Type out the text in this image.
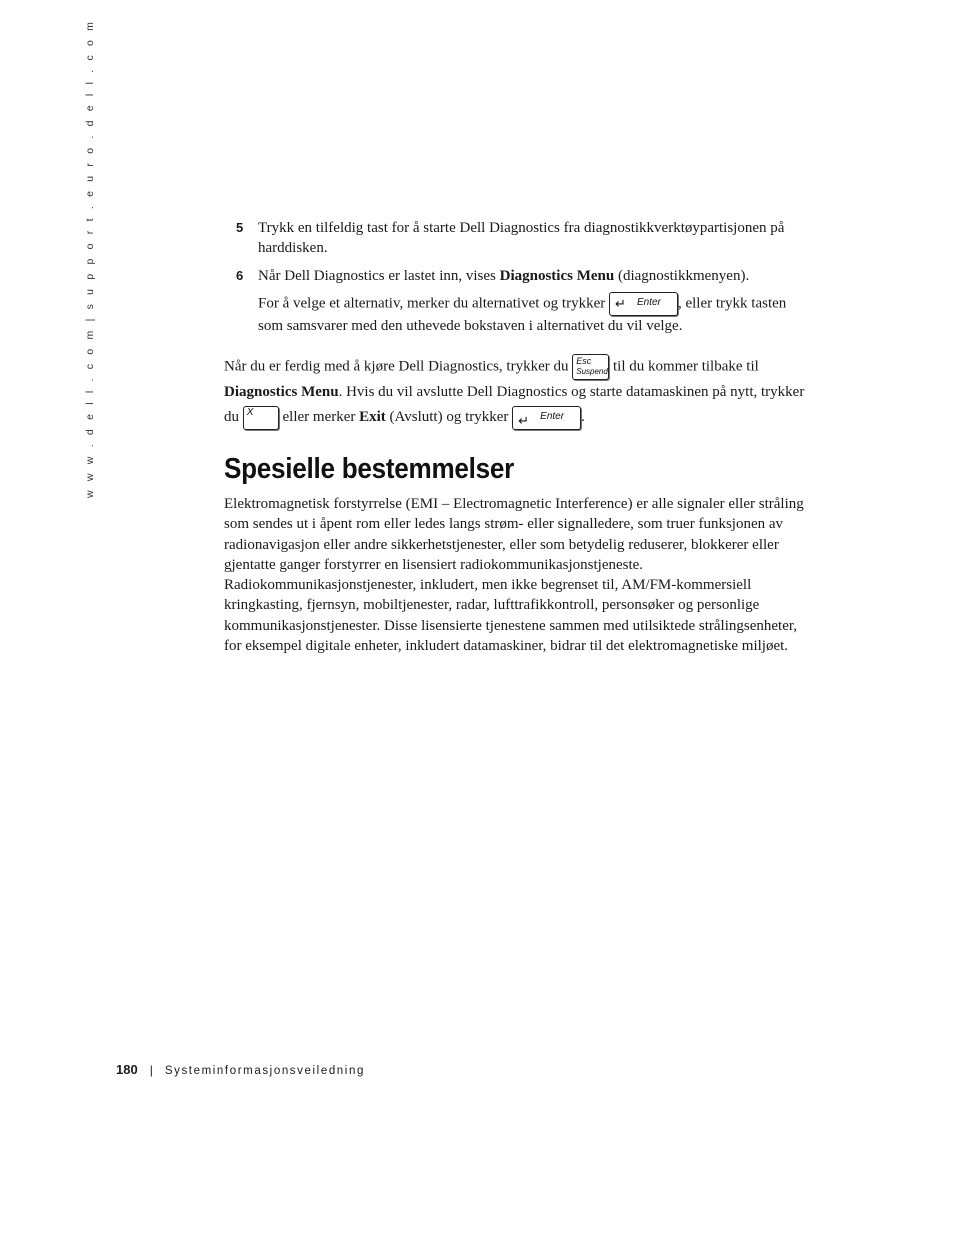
w w w . d e l l . c o m | s u p p o r t . e u r o . d e l l . c o m	5 Trykk en tilfeldig tast for å starte Dell Diagnostics fra diagnostikkverktøypartisjonen på harddisken.

6 Når Dell Diagnostics er lastet inn, vises Diagnostics Menu (diagnostikkmenyen).

For å velge et alternativ, merker du alternativet og trykker ↵ Enter , eller trykk tasten som samsvarer med den uthevede bokstaven i alternativet du vil velge.

Når du er ferdig med å kjøre Dell Diagnostics, trykker du Esc
Suspend til du kommer tilbake til Diagnostics Menu. Hvis du vil avslutte Dell Diagnostics og starte datamaskinen på nytt, trykker du X eller merker Exit (Avslutt) og trykker ↵ Enter .

Spesielle bestemmelser

Elektromagnetisk forstyrrelse (EMI – Electromagnetic Interference) er alle signaler eller stråling som sendes ut i åpent rom eller ledes langs strøm- eller signalledere, som truer funksjonen av radionavigasjon eller andre sikkerhetstjenester, eller som betydelig reduserer, blokkerer eller gjentatte ganger forstyrrer en lisensiert radiokommunikasjonstjeneste. Radiokommunikasjonstjenester, inkludert, men ikke begrenset til, AM/FM-kommersiell kringkasting, fjernsyn, mobiltjenester, radar, lufttrafikkontroll, personsøker og personlige kommunikasjonstjenester. Disse lisensierte tjenestene sammen med utilsiktede strålingsenheter, for eksempel digitale enheter, inkludert datamaskiner, bidrar til det elektromagnetiske miljøet.

180 | Systeminformasjonsveiledning
